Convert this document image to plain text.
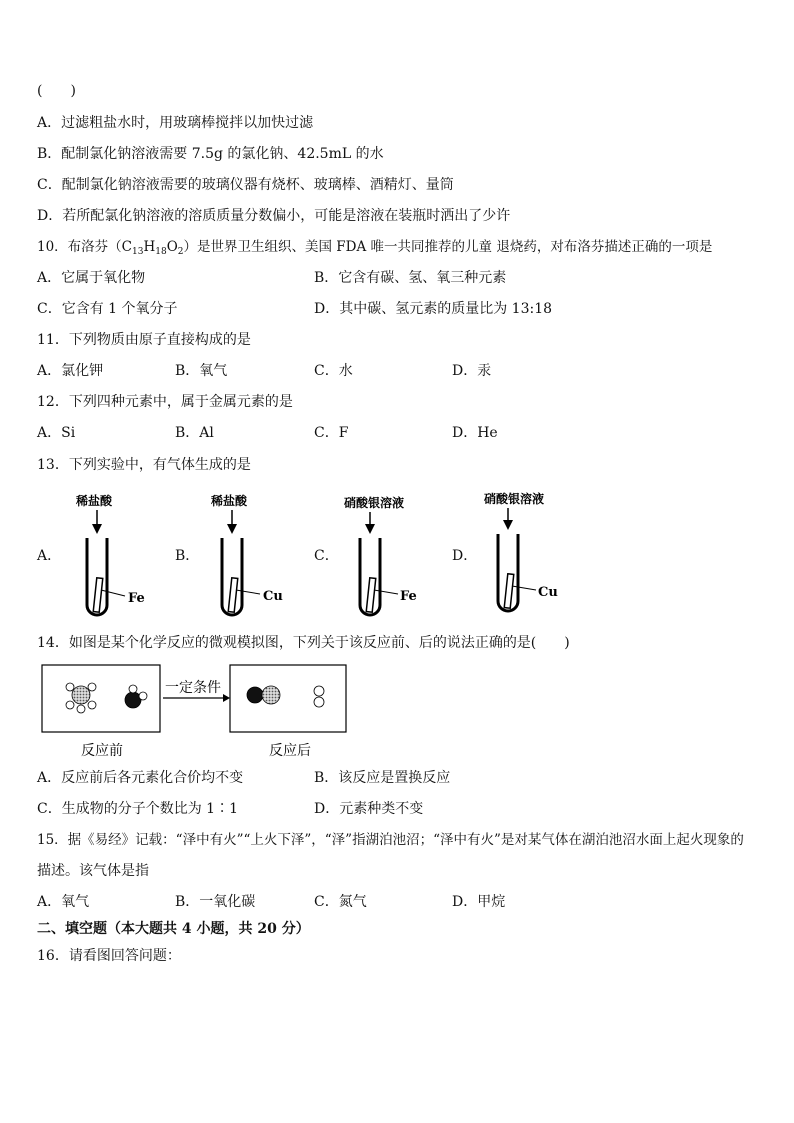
(　　)
A．过滤粗盐水时，用玻璃棒搅拌以加快过滤
B．配制氯化钠溶液需要 7.5g 的氯化钠、42.5mL 的水
C．配制氯化钠溶液需要的玻璃仪器有烧杯、玻璃棒、酒精灯、量筒
D．若所配氯化钠溶液的溶质质量分数偏小，可能是溶液在装瓶时洒出了少许
10．布洛芬$(C_{13}H_{18}O_2)$是世界卫生组织、美国 FDA 唯一共同推荐的儿童 退烧药，对布洛芬描述正确的一项是
A．它属于氧化物	B．它含有碳、氢、氧三种元素
C．它含有 1 个氧分子	D．其中碳、氢元素的质量比为 13:18
11．下列物质由原子直接构成的是
A．氯化钾	B．氧气	C．水	D．汞
12．下列四种元素中，属于金属元素的是
A．Si	B．Al	C．F	D．He
13．下列实验中，有气体生成的是
A．
稀盐酸
Fe
B．
稀盐酸
Cu
C．
硝酸银溶液
Fe
D．
硝酸银溶液
Cu
14．如图是某个化学反应的微观模拟图，下列关于该反应前、后的说法正确的是(　　)
一定条件
反应前	反应后
A．反应前后各元素化合价均不变	B．该反应是置换反应
C．生成物的分子个数比为 1∶1	D．元素种类不变
15．据《易经》记载：“泽中有火”“上火下泽”，“泽”指湖泊池沼；“泽中有火”是对某气体在湖泊池沼水面上起火现象的
描述。该气体是指
A．氧气	B．一氧化碳	C．氮气	D．甲烷
二、填空题（本大题共 4 小题，共 20 分）
16．请看图回答问题：
